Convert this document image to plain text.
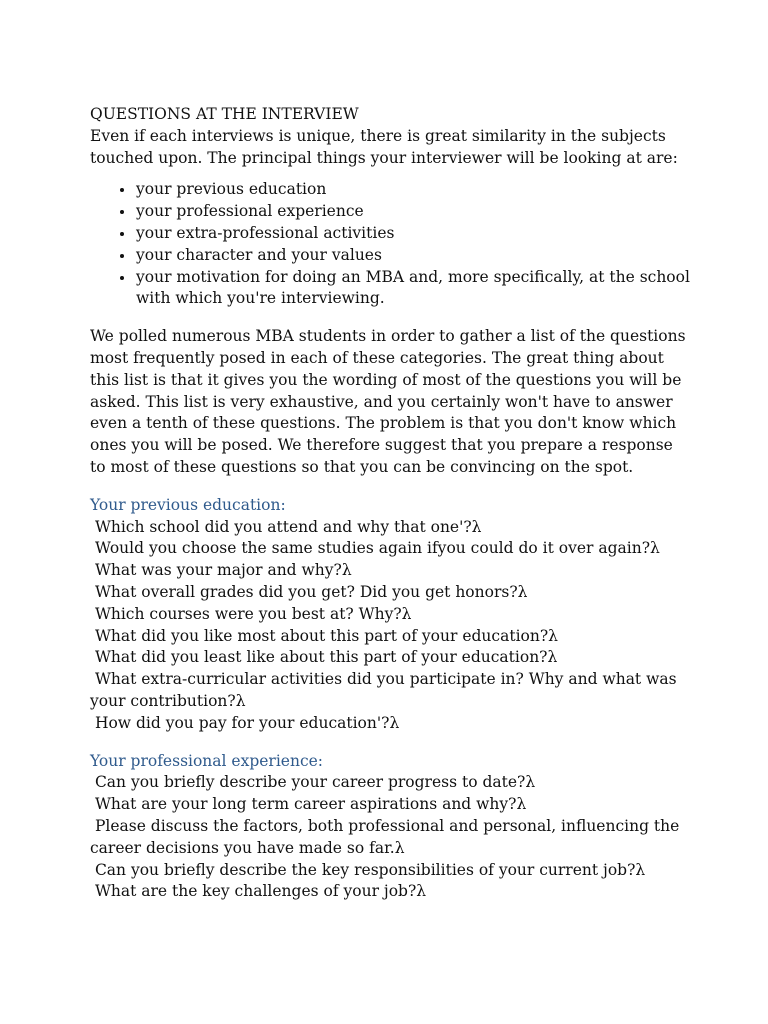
QUESTIONS AT THE INTERVIEW

Even if each interviews is unique, there is great similarity in the subjects touched upon. The principal things your interviewer will be looking at are:

• your previous education
• your professional experience
• your extra-professional activities
• your character and your values
• your motivation for doing an MBA and, more specifically, at the school with which you're interviewing.

We polled numerous MBA students in order to gather a list of the questions most frequently posed in each of these categories. The great thing about this list is that it gives you the wording of most of the questions you will be asked. This list is very exhaustive, and you certainly won't have to answer even a tenth of these questions. The problem is that you don't know which ones you will be posed. We therefore suggest that you prepare a response to most of these questions so that you can be convincing on the spot.

Your previous education:

Which school did you attend and why that one'?λ

Would you choose the same studies again ifyou could do it over again?λ

What was your major and why?λ

What overall grades did you get? Did you get honors?λ

Which courses were you best at? Why?λ

What did you like most about this part of your education?λ

What did you least like about this part of your education?λ

What extra-curricular activities did you participate in? Why and what was your contribution?λ

How did you pay for your education'?λ

Your professional experience:

Can you briefly describe your career progress to date?λ

What are your long term career aspirations and why?λ

Please discuss the factors, both professional and personal, influencing the career decisions you have made so far.λ

Can you briefly describe the key responsibilities of your current job?λ

What are the key challenges of your job?λ
